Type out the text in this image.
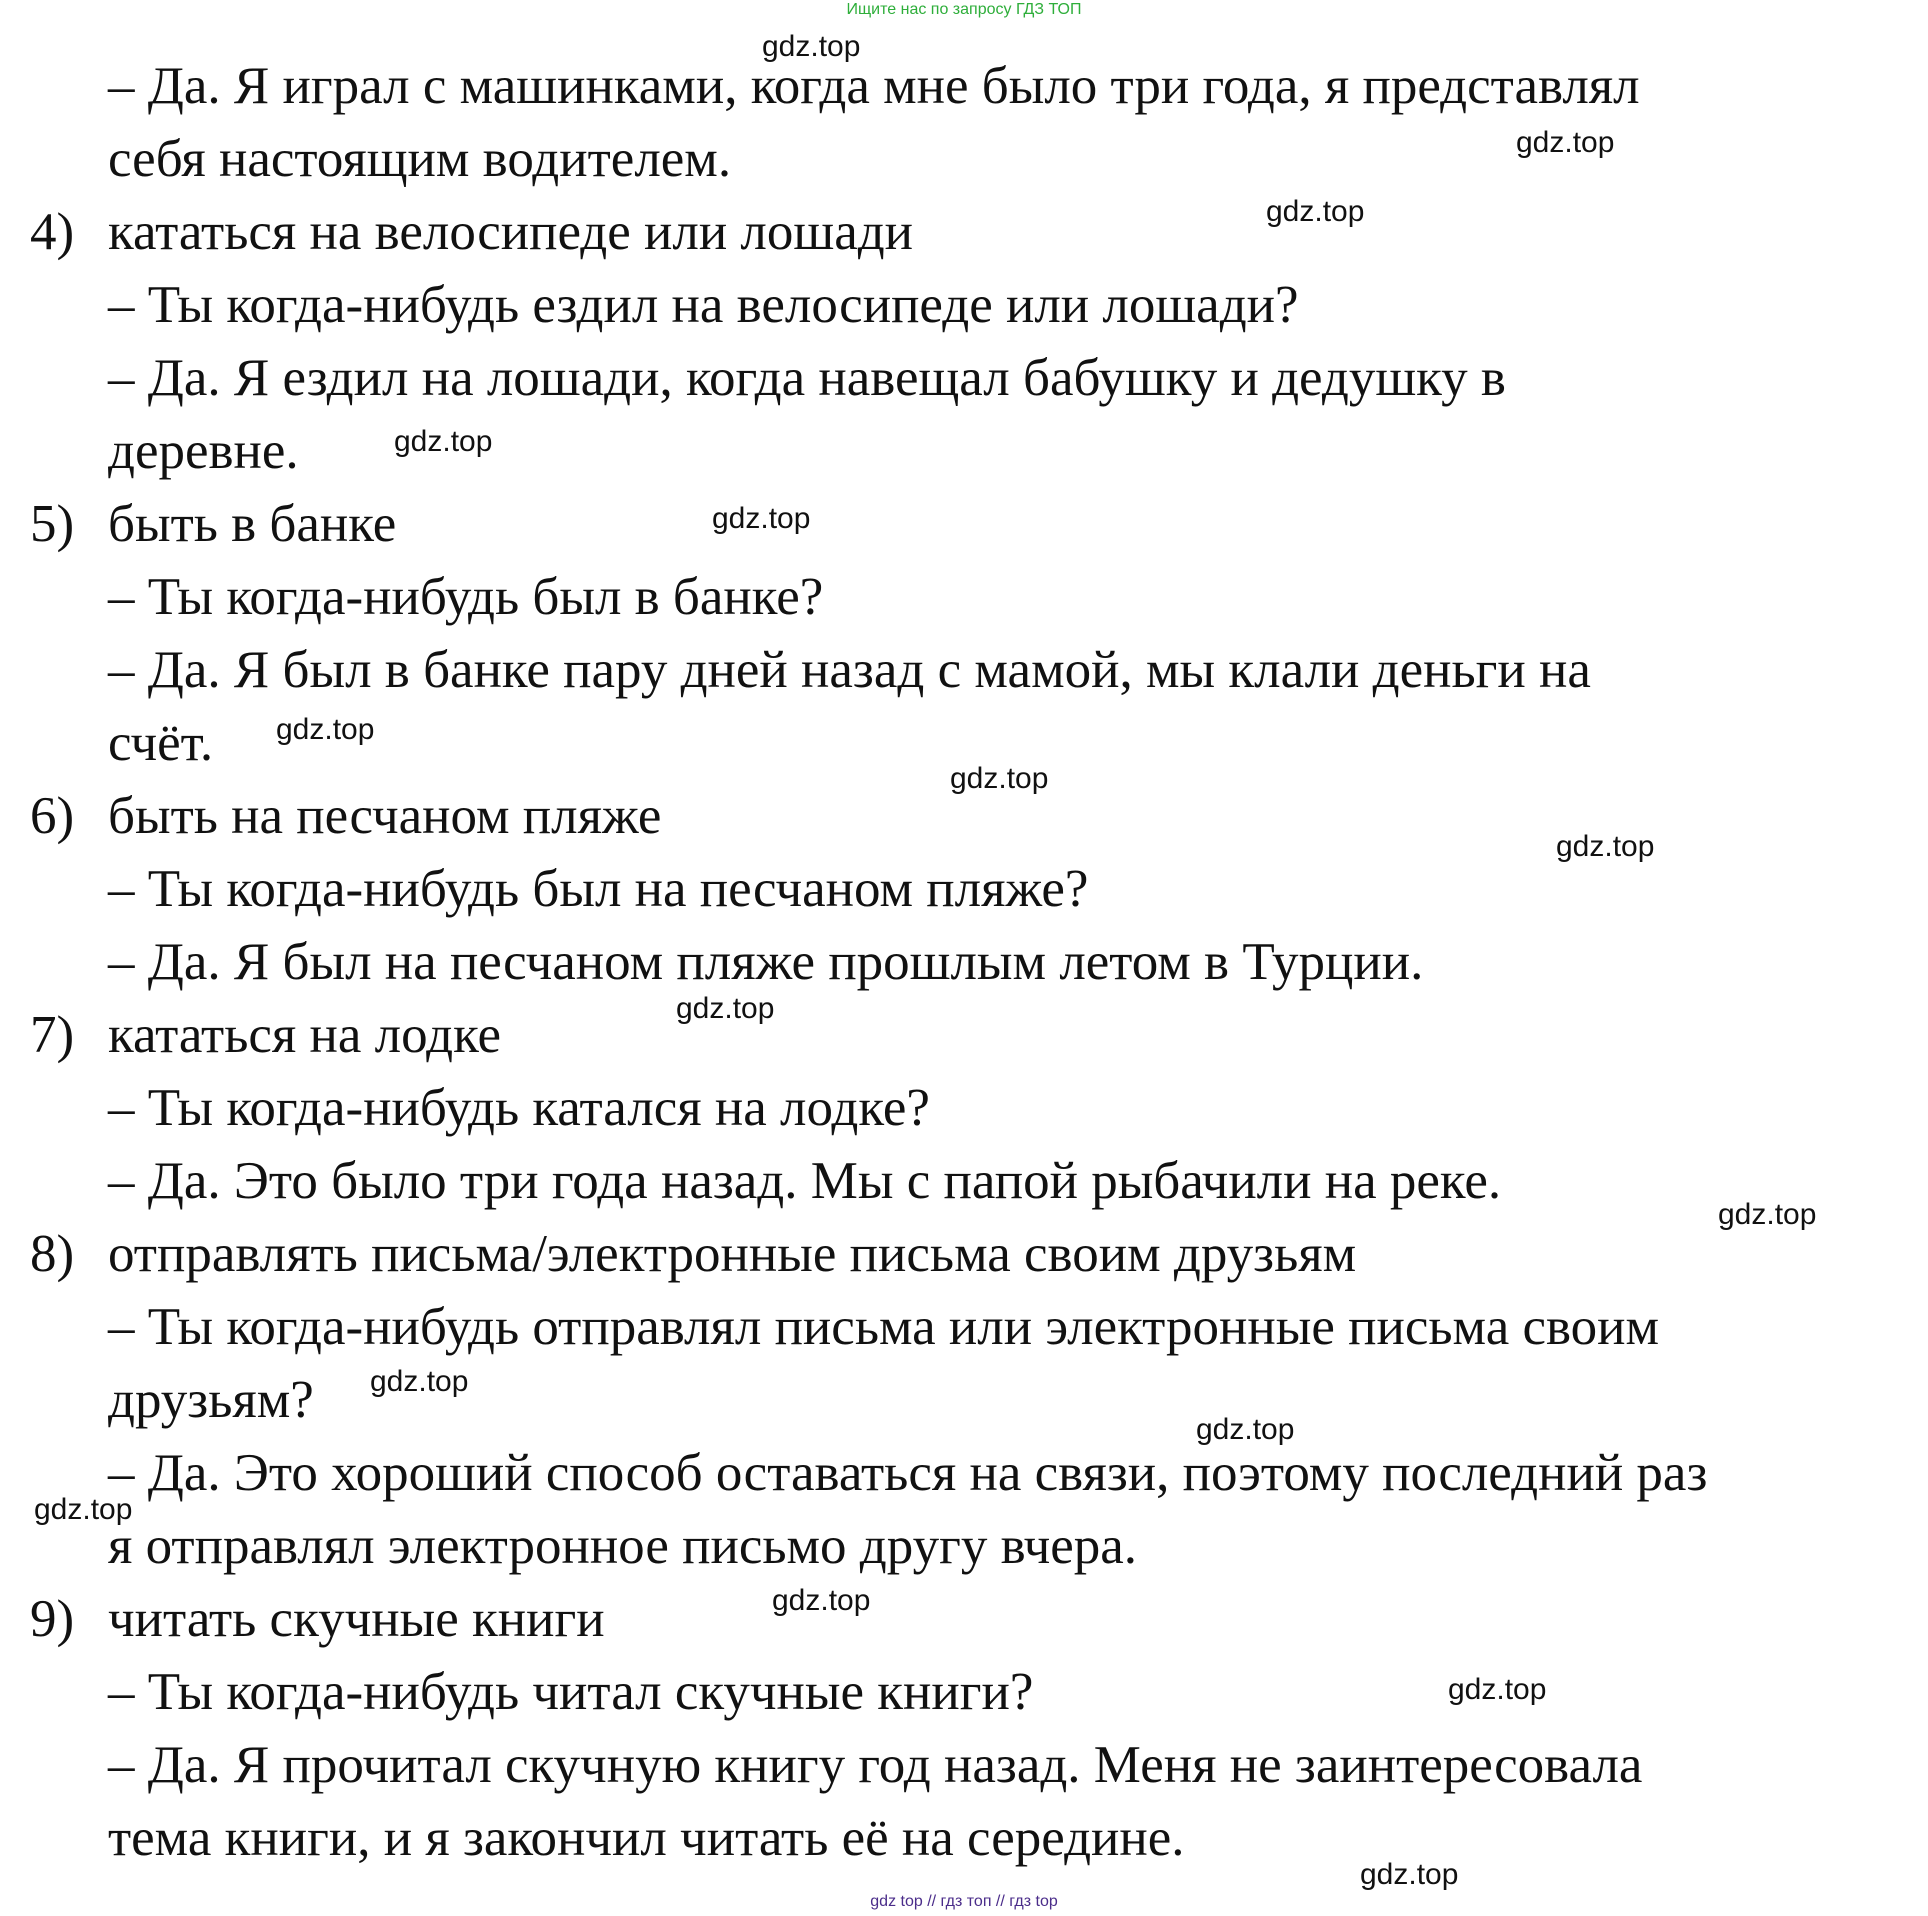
Ищите нас по запросу ГДЗ ТОП
– Да. Я играл с машинками, когда мне было три года, я представлял
себя настоящим водителем.
4) кататься на велосипеде или лошади
– Ты когда-нибудь ездил на велосипеде или лошади?
– Да. Я ездил на лошади, когда навещал бабушку и дедушку в
деревне.
5) быть в банке
– Ты когда-нибудь был в банке?
– Да. Я был в банке пару дней назад с мамой, мы клали деньги на
счёт.
6) быть на песчаном пляже
– Ты когда-нибудь был на песчаном пляже?
– Да. Я был на песчаном пляже прошлым летом в Турции.
7) кататься на лодке
– Ты когда-нибудь катался на лодке?
– Да. Это было три года назад. Мы с папой рыбачили на реке.
8) отправлять письма/электронные письма своим друзьям
– Ты когда-нибудь отправлял письма или электронные письма своим
друзьям?
– Да. Это хороший способ оставаться на связи, поэтому последний раз
я отправлял электронное письмо другу вчера.
9) читать скучные книги
– Ты когда-нибудь читал скучные книги?
– Да. Я прочитал скучную книгу год назад. Меня не заинтересовала
тема книги, и я закончил читать её на середине.
gdz.top
gdz.top
gdz.top
gdz.top
gdz.top
gdz.top
gdz.top
gdz.top
gdz.top
gdz.top
gdz.top
gdz.top
gdz.top
gdz.top
gdz.top
gdz.top
gdz top // гдз топ // гдз top
